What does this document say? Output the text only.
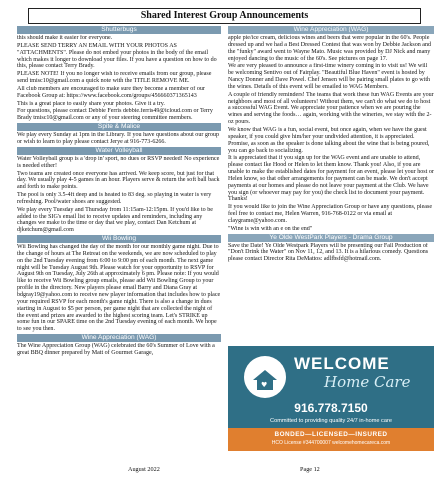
Shared Interest Group Announcements
Shutterbugs
this should make it easier for everyone.
PLEASE SEND TERRY AN EMAIL WITH YOUR PHOTOS AS "ATTACHMENTS". Please do not embed your photos in the body of the email which makes it longer to download your files. If you have a question on how to do this, please contact Terry Brady.
PLEASE NOTE! If you no longer wish to receive emails from our group, please send tmisc10@gmail.com a quick note with the TITLE REMOVE ME.
All club members are encouraged to make sure they become a member of our Facebook Group at: https://www.facebook.com/groups/456660371365143
This is a great place to easily share your photos. Give it a try.
For questions, please contact Debbie Ferris debbie.ferris49@icloud.com or Terry Brady tmisc10@gmail.com or any of your steering committee members.
Spite & Malice
We play every Sunday at 1pm in the Library. If you have questions about our group or wish to learn to play please contact Jerye at 916-773-6266.
Water Volleyball
Water Volleyball group is a 'drop in' sport, no dues or RSVP needed! No experience is needed either!
Two teams are created once everyone has arrived. We keep score, but just for that day. We usually play 4-5 games in an hour. Players serve & return the soft ball back and forth to make points.
The pool is only 3.5-4ft deep and is heated to 83 deg. so playing in water is very refreshing. Pool/water shoes are suggested.
We play every Tuesday and Thursday from 11:15am-12:15pm. If you'd like to be added to the SIG's email list to receive updates and reminders, including any changes we make to the time or day that we play, contact Dan Ketchum at djketchum@gmail.com
Wii Bowling
Wii Bowling has changed the day of the month for our monthly game night. Due to the change of hours at The Retreat on the weekends, we are now scheduled to play on the 2nd Tuesday evening from 6:00 to 9:00 pm of each month. The next game night will be Tuesday August 9th. Please watch for your opportunity to RSVP for August 9th on Tuesday, July 26th at approximately 6 pm. Please note: If you would like to receive Wii Bowling group emails, please add Wii Bowling Group to your profile in the directory. New players please email Barry and Diana Gray at bdgray19@yahoo.com to receive new player information that includes how to place your required RSVP for each month's game night. There is also a change in dues starting in August to $5 per person, per game night that are collected the night of the event and prizes are awarded to the highest scoring team. Let's STRIKE up some fun in our SPARE time on the 2nd Tuesday evening of each month. We hope to see you then.
Wine Appreciation (WAG)
The Wine Appreciation Group (WAG) celebrated the 60's Summer of Love with a great BBQ dinner prepared by Matt of Gourmet Garage,
Wine Appreciation (WAG)
apple pie/ice cream, delicious wines and beers that were popular in the 60's. People dressed up and we had a Best Dressed Contest that was won by Debbie Jackson and the "funky" award went to Wayne Mato. Music was provided by DJ Nick and many enjoyed dancing to the music of the 60's. See pictures on page 17.
We are very pleased to announce a first-time winery coming in to visit us! We will be welcoming Sentivo out of Fairplay. "Beautiful Blue Haven" event is hosted by Nancy Donner and Dave Powel. Chef Jensen will be pairing small plates to go with the wines. Details of this event will be emailed to WAG Members.
A couple of friendly reminders! The teams that work these fun WAG Events are your neighbors and most of all volunteers! Without them, we can't do what we do to host a successful WAG Event. We appreciate your patience when we are pouring the wines and serving the foods… again, working with the wineries, we stay with the 2-oz pours.
We know that WAG is a fun, social event, but once again, when we have the guest speaker, if you could give him/her your undivided attention, it is appreciated. Promise, as soon as the speaker is done talking about the wine that is being poured, you can go back to socializing.
It is appreciated that if you sign up for the WAG event and are unable to attend, please contact Ike Hood or Helen to let them know. Thank you! Also, if you are unable to make the established dates for payment for an event, please let your host or Helen know, so that other arrangements for payment can be made. We don't accept payments at our homes and please do not leave your payment at the Club. We have you sign (or whoever may pay for you) the check list to document your payment. Thanks!
If you would like to join the Wine Appreciation Group or have any questions, please feel free to contact me, Helen Warren, 916-768-0122 or via email at claygrame@yahoo.com.
"Wine is win with an e on the end"
Ye Olde WestPark Players - Drama Group
Save the Date! Ye Olde Westpark Players will be presenting our Fall Production of "Don't Drink the Water" on Nov 11, 12, and 13. It is a hilarious comedy. Questions please contact Director Rita DeMattos: adlfbsfd@hotmail.com.
♥
WELCOME
Home Care
916.778.7150
Committed to providing quality 24/7 in-home care
BONDED—LICENSED—INSURED
HCO License #344700007 welcomehomecareca.com
August 2022	Page 12
